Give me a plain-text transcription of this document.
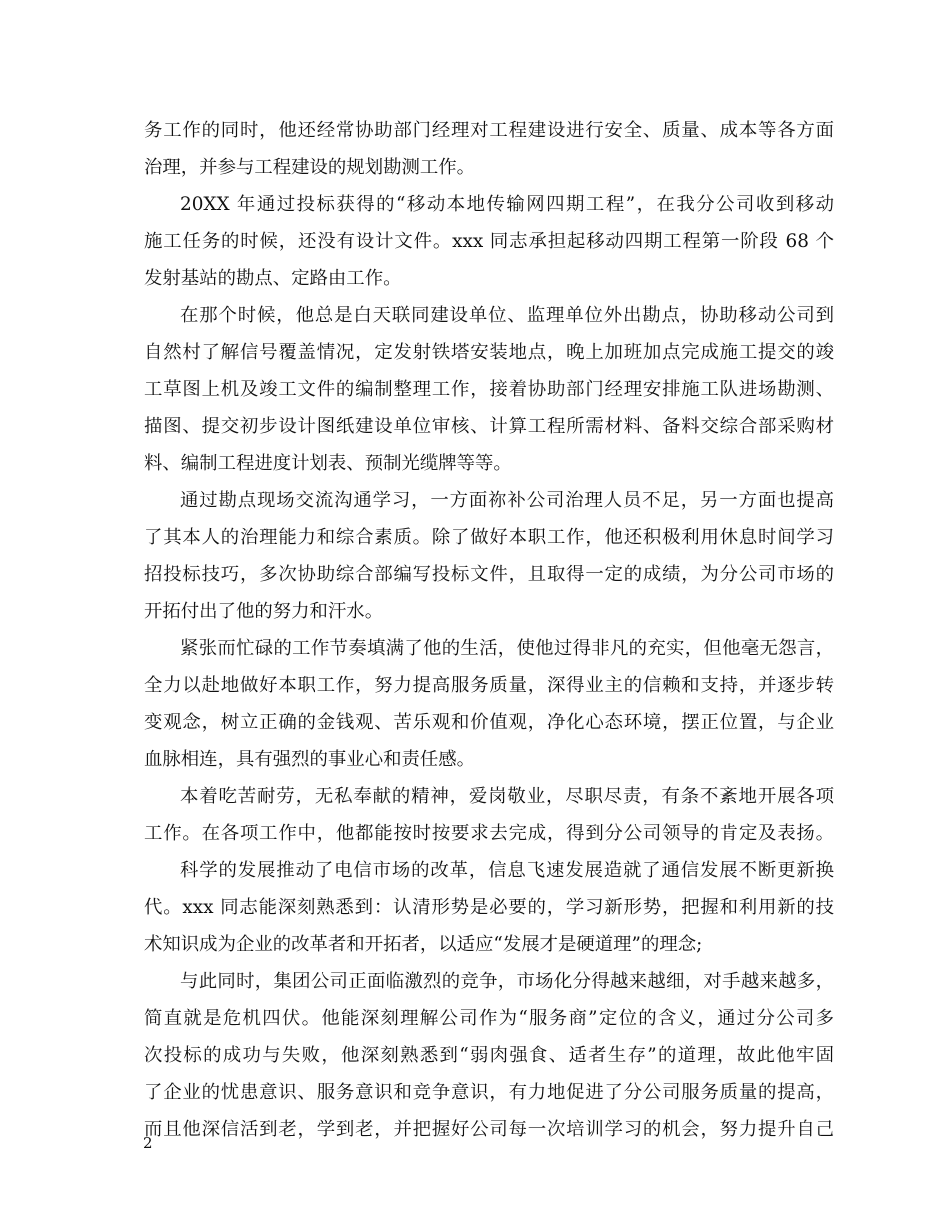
务工作的同时，他还经常协助部门经理对工程建设进行安全、质量、成本等各方面
治理，并参与工程建设的规划勘测工作。
20XX 年通过投标获得的“移动本地传输网四期工程”，在我分公司收到移动
施工任务的时候，还没有设计文件。xxx 同志承担起移动四期工程第一阶段 68 个
发射基站的勘点、定路由工作。
在那个时候，他总是白天联同建设单位、监理单位外出勘点，协助移动公司到
自然村了解信号覆盖情况，定发射铁塔安装地点，晚上加班加点完成施工提交的竣
工草图上机及竣工文件的编制整理工作，接着协助部门经理安排施工队进场勘测、
描图、提交初步设计图纸建设单位审核、计算工程所需材料、备料交综合部采购材
料、编制工程进度计划表、预制光缆牌等等。
通过勘点现场交流沟通学习，一方面祢补公司治理人员不足，另一方面也提高
了其本人的治理能力和综合素质。除了做好本职工作，他还积极利用休息时间学习
招投标技巧，多次协助综合部编写投标文件，且取得一定的成绩，为分公司市场的
开拓付出了他的努力和汗水。
紧张而忙碌的工作节奏填满了他的生活，使他过得非凡的充实，但他毫无怨言，
全力以赴地做好本职工作，努力提高服务质量，深得业主的信赖和支持，并逐步转
变观念，树立正确的金钱观、苦乐观和价值观，净化心态环境，摆正位置，与企业
血脉相连，具有强烈的事业心和责任感。
本着吃苦耐劳，无私奉献的精神，爱岗敬业，尽职尽责，有条不紊地开展各项
工作。在各项工作中，他都能按时按要求去完成，得到分公司领导的肯定及表扬。
科学的发展推动了电信市场的改革，信息飞速发展造就了通信发展不断更新换
代。xxx 同志能深刻熟悉到：认清形势是必要的，学习新形势，把握和利用新的技
术知识成为企业的改革者和开拓者，以适应“发展才是硬道理”的理念;
与此同时，集团公司正面临激烈的竞争，市场化分得越来越细，对手越来越多，
简直就是危机四伏。他能深刻理解公司作为“服务商”定位的含义，通过分公司多
次投标的成功与失败，他深刻熟悉到“弱肉强食、适者生存”的道理，故此他牢固
了企业的忧患意识、服务意识和竞争意识，有力地促进了分公司服务质量的提高，
而且他深信活到老，学到老，并把握好公司每一次培训学习的机会，努力提升自己
2
